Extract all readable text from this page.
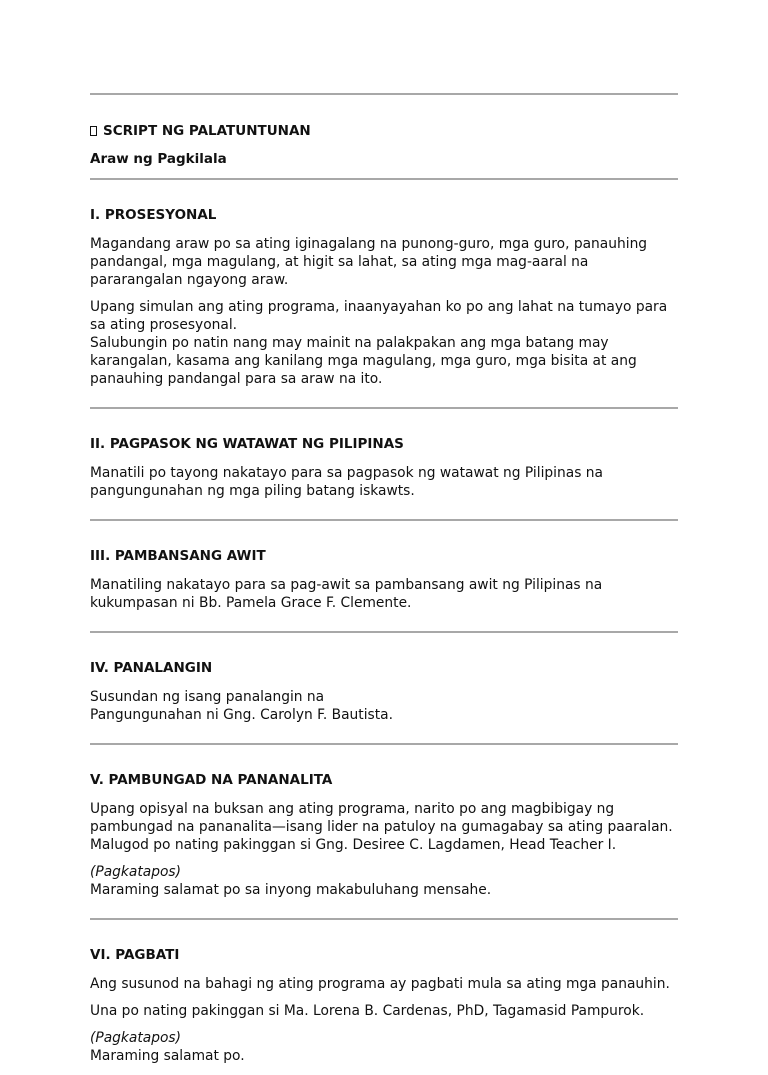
SCRIPT NG PALATUNTUNAN

Araw ng Pagkilala

I. PROSESYONAL

Magandang araw po sa ating iginagalang na punong-guro, mga guro, panauhing pandangal, mga magulang, at higit sa lahat, sa ating mga mag-aaral na pararangalan ngayong araw.

Upang simulan ang ating programa, inaanyayahan ko po ang lahat na tumayo para sa ating prosesyonal.
Salubungin po natin nang may mainit na palakpakan ang mga batang may karangalan, kasama ang kanilang mga magulang, mga guro, mga bisita at ang panauhing pandangal para sa araw na ito.

II. PAGPASOK NG WATAWAT NG PILIPINAS

Manatili po tayong nakatayo para sa pagpasok ng watawat ng Pilipinas na pangungunahan ng mga piling batang iskawts.

III. PAMBANSANG AWIT

Manatiling nakatayo para sa pag-awit sa pambansang awit ng Pilipinas na kukumpasan ni Bb. Pamela Grace F. Clemente.

IV. PANALANGIN

Susundan ng isang panalangin na
Pangungunahan ni Gng. Carolyn F. Bautista.

V. PAMBUNGAD NA PANANALITA

Upang opisyal na buksan ang ating programa, narito po ang magbibigay ng pambungad na pananalita—isang lider na patuloy na gumagabay sa ating paaralan. Malugod po nating pakinggan si Gng. Desiree C. Lagdamen, Head Teacher I.

(Pagkatapos)

Maraming salamat po sa inyong makabuluhang mensahe.

VI. PAGBATI

Ang susunod na bahagi ng ating programa ay pagbati mula sa ating mga panauhin.

Una po nating pakinggan si Ma. Lorena B. Cardenas, PhD, Tagamasid Pampurok.

(Pagkatapos)

Maraming salamat po.
